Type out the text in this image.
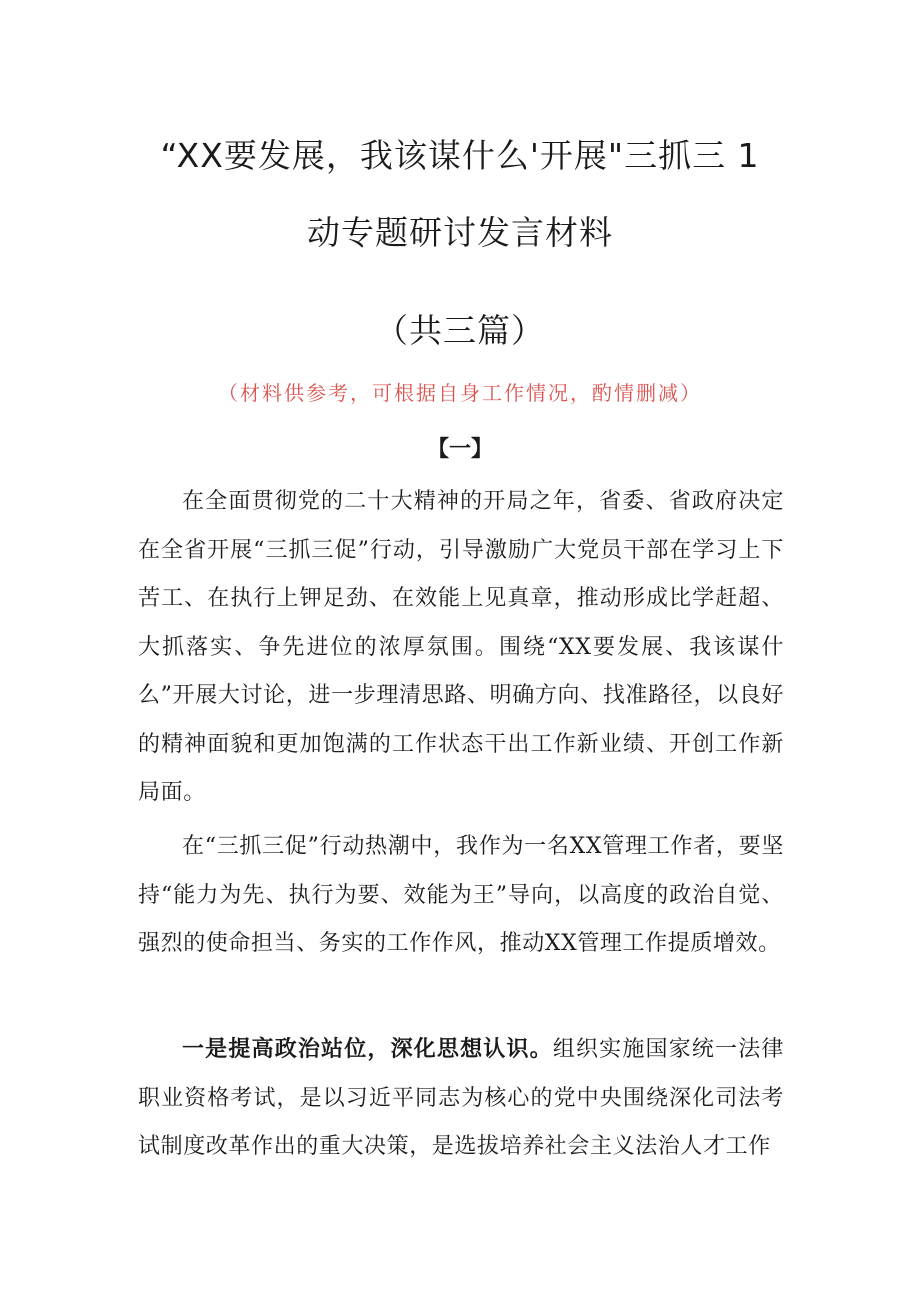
“XX要发展，我该谋什么'开展"三抓三 1
动专题研讨发言材料
（共三篇）
（材料供参考，可根据自身工作情况，酌情删减）
【一】

在全面贯彻党的二十大精神的开局之年，省委、省政府决定在全省开展“三抓三促”行动，引导激励广大党员干部在学习上下苦工、在执行上钾足劲、在效能上见真章，推动形成比学赶超、大抓落实、争先进位的浓厚氛围。围绕“XX要发展、我该谋什么”开展大讨论，进一步理清思路、明确方向、找准路径，以良好的精神面貌和更加饱满的工作状态干出工作新业绩、开创工作新局面。

在“三抓三促”行动热潮中，我作为一名XX管理工作者，要坚持“能力为先、执行为要、效能为王”导向，以高度的政治自觉、强烈的使命担当、务实的工作作风，推动XX管理工作提质增效。

一是提高政治站位，深化思想认识。组织实施国家统一法律职业资格考试，是以习近平同志为核心的党中央围绕深化司法考试制度改革作出的重大决策，是选拔培养社会主义法治人才工作
